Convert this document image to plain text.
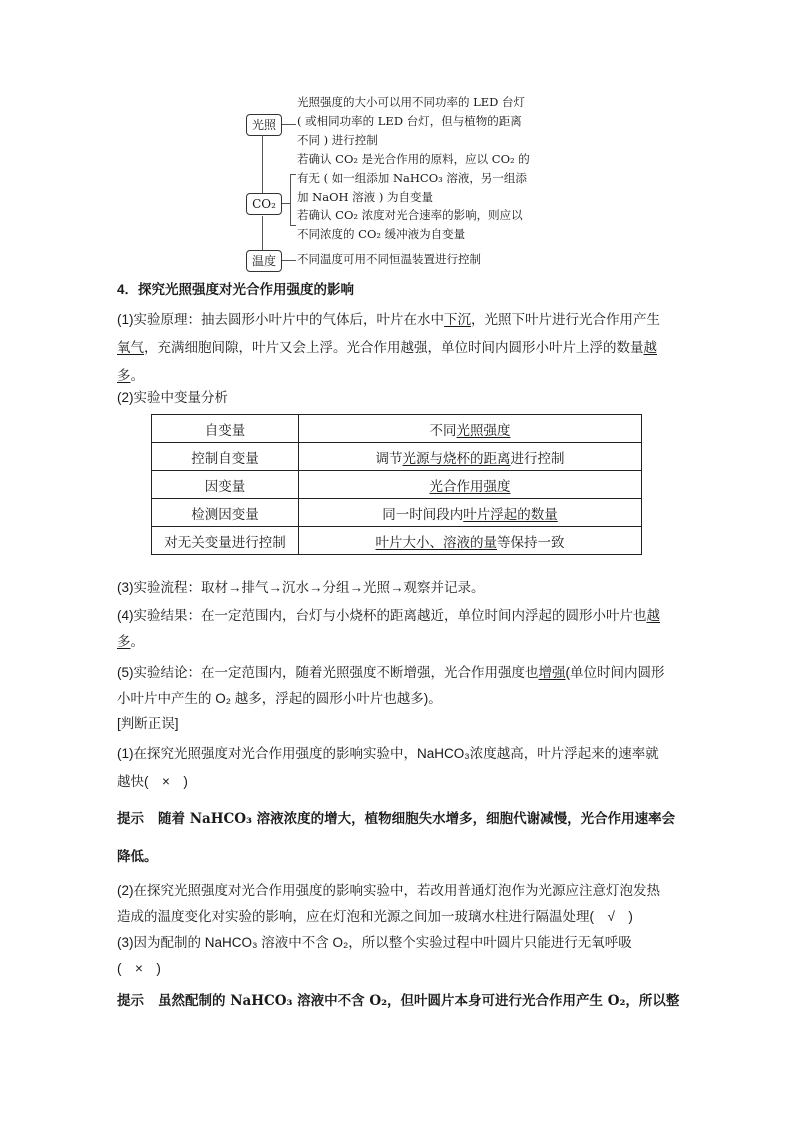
光照
CO₂
温度
光照强度的大小可以用不同功率的 LED 台灯
( 或相同功率的 LED 台灯，但与植物的距离
不同 ) 进行控制
若确认 CO₂ 是光合作用的原料，应以 CO₂ 的
有无 ( 如一组添加 NaHCO₃ 溶液，另一组添
加 NaOH 溶液 ) 为自变量
若确认 CO₂ 浓度对光合速率的影响，则应以
不同浓度的 CO₂ 缓冲液为自变量
不同温度可用不同恒温装置进行控制
4．探究光照强度对光合作用强度的影响
(1)实验原理：抽去圆形小叶片中的气体后，叶片在水中下沉，光照下叶片进行光合作用产生
氧气，充满细胞间隙，叶片又会上浮。光合作用越强，单位时间内圆形小叶片上浮的数量越
多。
(2)实验中变量分析
自变量	不同光照强度
控制自变量	调节光源与烧杯的距离进行控制
因变量	光合作用强度
检测因变量	同一时间段内叶片浮起的数量
对无关变量进行控制	叶片大小、溶液的量等保持一致
(3)实验流程：取材→排气→沉水→分组→光照→观察并记录。
(4)实验结果：在一定范围内，台灯与小烧杯的距离越近，单位时间内浮起的圆形小叶片也越
多。
(5)实验结论：在一定范围内，随着光照强度不断增强，光合作用强度也增强(单位时间内圆形
小叶片中产生的 O₂ 越多，浮起的圆形小叶片也越多)。
[判断正误]
(1)在探究光照强度对光合作用强度的影响实验中，NaHCO₃浓度越高，叶片浮起来的速率就
越快(　×　)
提示 随着 NaHCO₃ 溶液浓度的增大，植物细胞失水增多，细胞代谢减慢，光合作用速率会
降低。
(2)在探究光照强度对光合作用强度的影响实验中，若改用普通灯泡作为光源应注意灯泡发热
造成的温度变化对实验的影响，应在灯泡和光源之间加一玻璃水柱进行隔温处理(　√　)
(3)因为配制的 NaHCO₃ 溶液中不含 O₂，所以整个实验过程中叶圆片只能进行无氧呼吸
(　×　)
提示 虽然配制的 NaHCO₃ 溶液中不含 O₂，但叶圆片本身可进行光合作用产生 O₂，所以整
